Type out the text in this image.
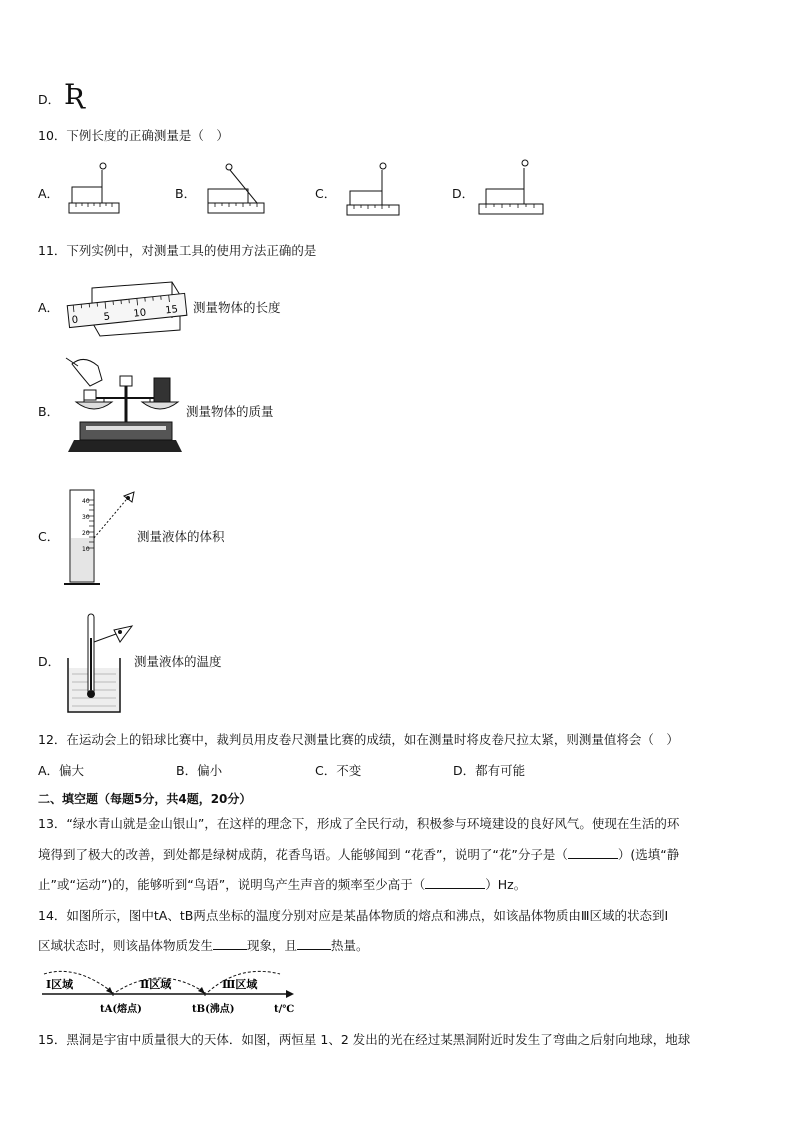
D． Ʀ
10．下例长度的正确测量是（　）
A．	B．	C．	D．
11．下列实例中，对测量工具的使用方法正确的是
A．
0 5 10 15 测量物体的长度
B．	测量物体的质量
40
30
20
10
C．	测量液体的体积
D．	测量液体的温度
12．在运动会上的铅球比赛中，裁判员用皮卷尺测量比赛的成绩，如在测量时将皮卷尺拉太紧，则测量值将会（　）
A．偏大	B．偏小	C．不变	D．都有可能
二、填空题（每题5分，共4题，20分）
13．“绿水青山就是金山银山”，在这样的理念下，形成了全民行动，积极参与环境建设的良好风气。使现在生活的环
境得到了极大的改善，到处都是绿树成荫，花香鸟语。人能够闻到 “花香”，说明了“花”分子是（	）(选填“静
止”或“运动”)的，能够听到“鸟语”，说明鸟产生声音的频率至少高于（	）Hz。
14．如图所示，图中tA、tB两点坐标的温度分别对应是某晶体物质的熔点和沸点，如该晶体物质由Ⅲ区域的状态到Ⅰ
区域状态时，则该晶体物质发生	现象，且	热量。
Ⅰ区域	Ⅱ区域	Ⅲ区域
tA(熔点)	tB(沸点)	t/℃
15．黑洞是宇宙中质量很大的天体．如图，两恒星 1、2 发出的光在经过某黑洞附近时发生了弯曲之后射向地球，地球
